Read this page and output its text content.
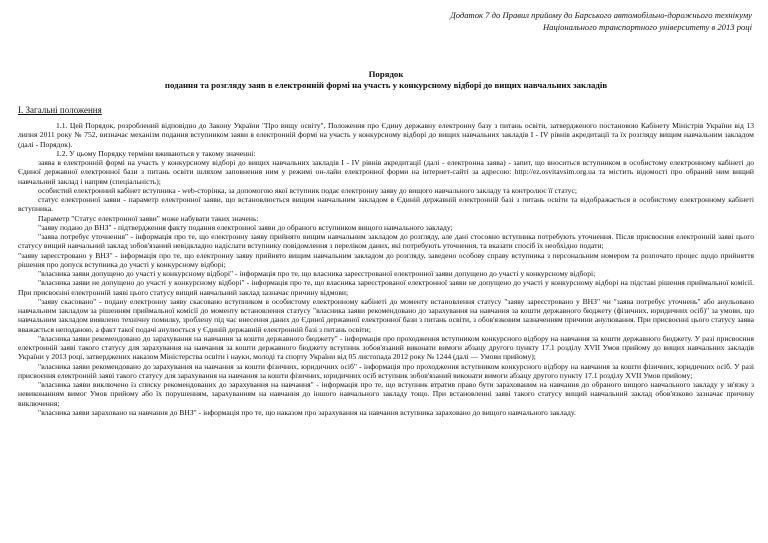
Додаток 7 до Правил прийому до Барського автомобільно-дорожнього технікуму
Національного транспортного університету в 2013 році
Порядок
подання та розгляду заяв в електронній формі на участь у конкурсному відборі до вищих навчальних закладів
І. Загальні положення

1.1. Цей Порядок, розроблений відповідно до Закону України "Про вищу освіту", Положення про Єдину державну електронну базу з питань освіти, затвердженого постановою Кабінету Міністрів України від 13 липня 2011 року № 752, визначає механізм подання вступником заяви в електронній формі на участь у конкурсному відборі до вищих навчальних закладів І - IV рівнів акредитації та їх розгляду вищим навчальним закладом (далі - Порядок).

1.2. У цьому Порядку терміни вживаються у такому значенні:

заява в електронній формі на участь у конкурсному відборі до вищих навчальних закладів І - IV рівнів акредитації (далі - електронна заява) - запит, що вноситься вступником в особистому електронному кабінеті до Єдиної державної електронної бази з питань освіти шляхом заповнення ним у режимі он-лайн електронної форми на інтернет-сайті за адресою: http://ez.osvitavsim.org.ua та містить відомості про обраний ним вищий навчальний заклад і напрям (спеціальність);

особистий електронний кабінет вступника - web-сторінка, за допомогою якої вступник подає електронну заяву до вищого навчального закладу та контролює її статус;

статус електронної заяви - параметр електронної заяви, що встановлюється вищим навчальним закладом в Єдиній державній електронній базі з питань освіти та відображається в особистому електронному кабінеті вступника.

Параметр "Статус електронної заяви" може набувати таких значень:

"заяву подано до ВНЗ" - підтвердження факту подання електронної заяви до обраного вступником вищого навчального закладу;

"заява потребує уточнення" - інформація про те, що електронну заяву прийнято вищим навчальним закладом до розгляду, але дані стосовно вступника потребують уточнення. Після присвоєння електронній заяві цього статусу вищий навчальний заклад зобов'язаний невідкладно надіслати вступнику повідомлення з переліком даних, які потребують уточнення, та вказати спосіб їх необхідно подати;

"заяву зареєстровано у ВНЗ" - інформація про те, що електронну заяву прийнято вищим навчальним закладом до розгляду, заведено особову справу вступника з персональним номером та розпочато процес щодо прийняття рішення про допуск вступника до участі у конкурсному відборі;

"власника заяви допущено до участі у конкурсному відборі" - інформація про те, що власника зареєстрованої електронної заяви допущено до участі у конкурсному відборі;

"власника заяви не допущено до участі у конкурсному відборі" - інформація про те, що власника зареєстрованої електронної заяви не допущено до участі у конкурсному відборі на підставі рішення приймальної комісії. При присвоєнні електронній заяві цього статусу вищий навчальний заклад зазначає причину відмови;

"заяву скасовано" - подану електронну заяву скасовано вступником в особистому електронному кабінеті до моменту встановлення статусу "заяву зареєстровано у ВНЗ" чи "заява потребує уточнень" або анульовано навчальним закладом за рішенням приймальної комісії до моменту встановлення статусу "власника заяви рекомендовано до зарахування на навчання за кошти державного бюджету (фізичних, юридичних осіб)" за умови, що навчальним закладом виявлено технічну помилку, зроблену під час внесення даних до Єдиної державної електронної бази з питань освіти, з обов'язковим зазначенням причини анулювання. При присвоєнні цього статусу заява вважається неподаною, а факт такої подачі анулюється у Єдиній державній електронній базі з питань освіти;

"власника заяви рекомендовано до зарахування на навчання за кошти державного бюджету" - інформація про проходження вступником конкурсного відбору на навчання за кошти державного бюджету. У разі присвоєння електронній заяві такого статусу для зарахування на навчання за кошти державного бюджету вступник зобов'язаний виконати вимоги абзацу другого пункту 17.1 розділу XVII Умов прийому до вищих навчальних закладів України у 2013 році, затверджених наказом Міністерства освіти і науки, молоді та спорту України від 05 листопада 2012 року № 1244 (далі — Умови прийому);

"власника заяви рекомендовано до зарахування на навчання за кошти фізичних, юридичних осіб" - інформація про проходження вступником конкурсного відбору на навчання за кошти фізичних, юридичних осіб. У разі присвоєння електронній заяві такого статусу для зарахування на навчання за кошти фізичних, юридичних осіб вступник зобов'язаний виконати вимоги абзацу другого пункту 17.1 розділу XVII Умов прийому;

"власника заяви виключено із списку рекомендованих до зарахування на навчання" - інформація про те, що вступник втратив право бути зарахованим на навчання до обраного вищого навчального закладу у зв'язку з невиконанням вимог Умов прийому або їх порушенням, зарахуванням на навчання до іншого навчального закладу тощо. При встановленні заяві такого статусу вищий навчальний заклад обов'язково зазначає причину виключення;

"власника заяви зараховано на навчання до ВНЗ" - інформація про те, що наказом про зарахування на навчання вступника зараховано до вищого навчального закладу.
